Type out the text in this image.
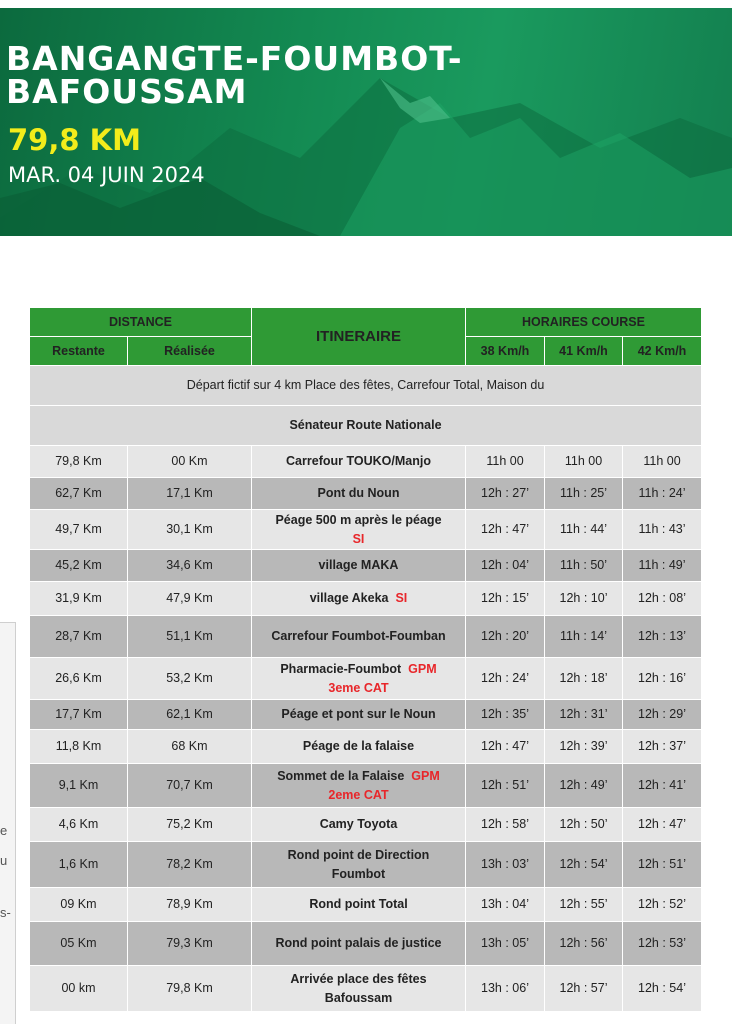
BANGANGTE-FOUMBOT-
BAFOUSSAM
79,8 KM
MAR. 04 JUIN 2024
e
u
s-
DISTANCE		ITINERAIRE	HORAIRES COURSE		
Restante	Réalisée		38 Km/h	41 Km/h	42 Km/h
Départ fictif sur 4 km Place des fêtes, Carrefour Total, Maison du					
Sénateur Route Nationale					
79,8 Km	00 Km	Carrefour TOUKO/Manjo	11h 00	11h 00	11h 00
62,7 Km	17,1 Km	Pont du Noun	12h : 27’	11h : 25’	11h : 24’
49,7 Km	30,1 Km	Péage 500 m après le péage
SI	12h : 47’	11h : 44’	11h : 43’
45,2 Km	34,6 Km	village MAKA	12h : 04’	11h : 50’	11h : 49’
31,9 Km	47,9 Km	village Akeka SI	12h : 15’	12h : 10’	12h : 08’
28,7 Km	51,1 Km	Carrefour Foumbot-Foumban	12h : 20’	11h : 14’	12h : 13’
26,6 Km	53,2 Km	Pharmacie-Foumbot GPM
3eme CAT	12h : 24’	12h : 18’	12h : 16’
17,7 Km	62,1 Km	Péage et pont sur le Noun	12h : 35’	12h : 31’	12h : 29’
11,8 Km	68 Km	Péage de la falaise	12h : 47’	12h : 39’	12h : 37’
9,1 Km	70,7 Km	Sommet de la Falaise GPM
2eme CAT	12h : 51’	12h : 49’	12h : 41’
4,6 Km	75,2 Km	Camy Toyota	12h : 58’	12h : 50’	12h : 47’
1,6 Km	78,2 Km	Rond point de Direction
Foumbot	13h : 03’	12h : 54’	12h : 51’
09 Km	78,9 Km	Rond point Total	13h : 04’	12h : 55’	12h : 52’
05 Km	79,3 Km	Rond point palais de justice	13h : 05’	12h : 56’	12h : 53’
00 km	79,8 Km	Arrivée place des fêtes
Bafoussam	13h : 06’	12h : 57’	12h : 54’
